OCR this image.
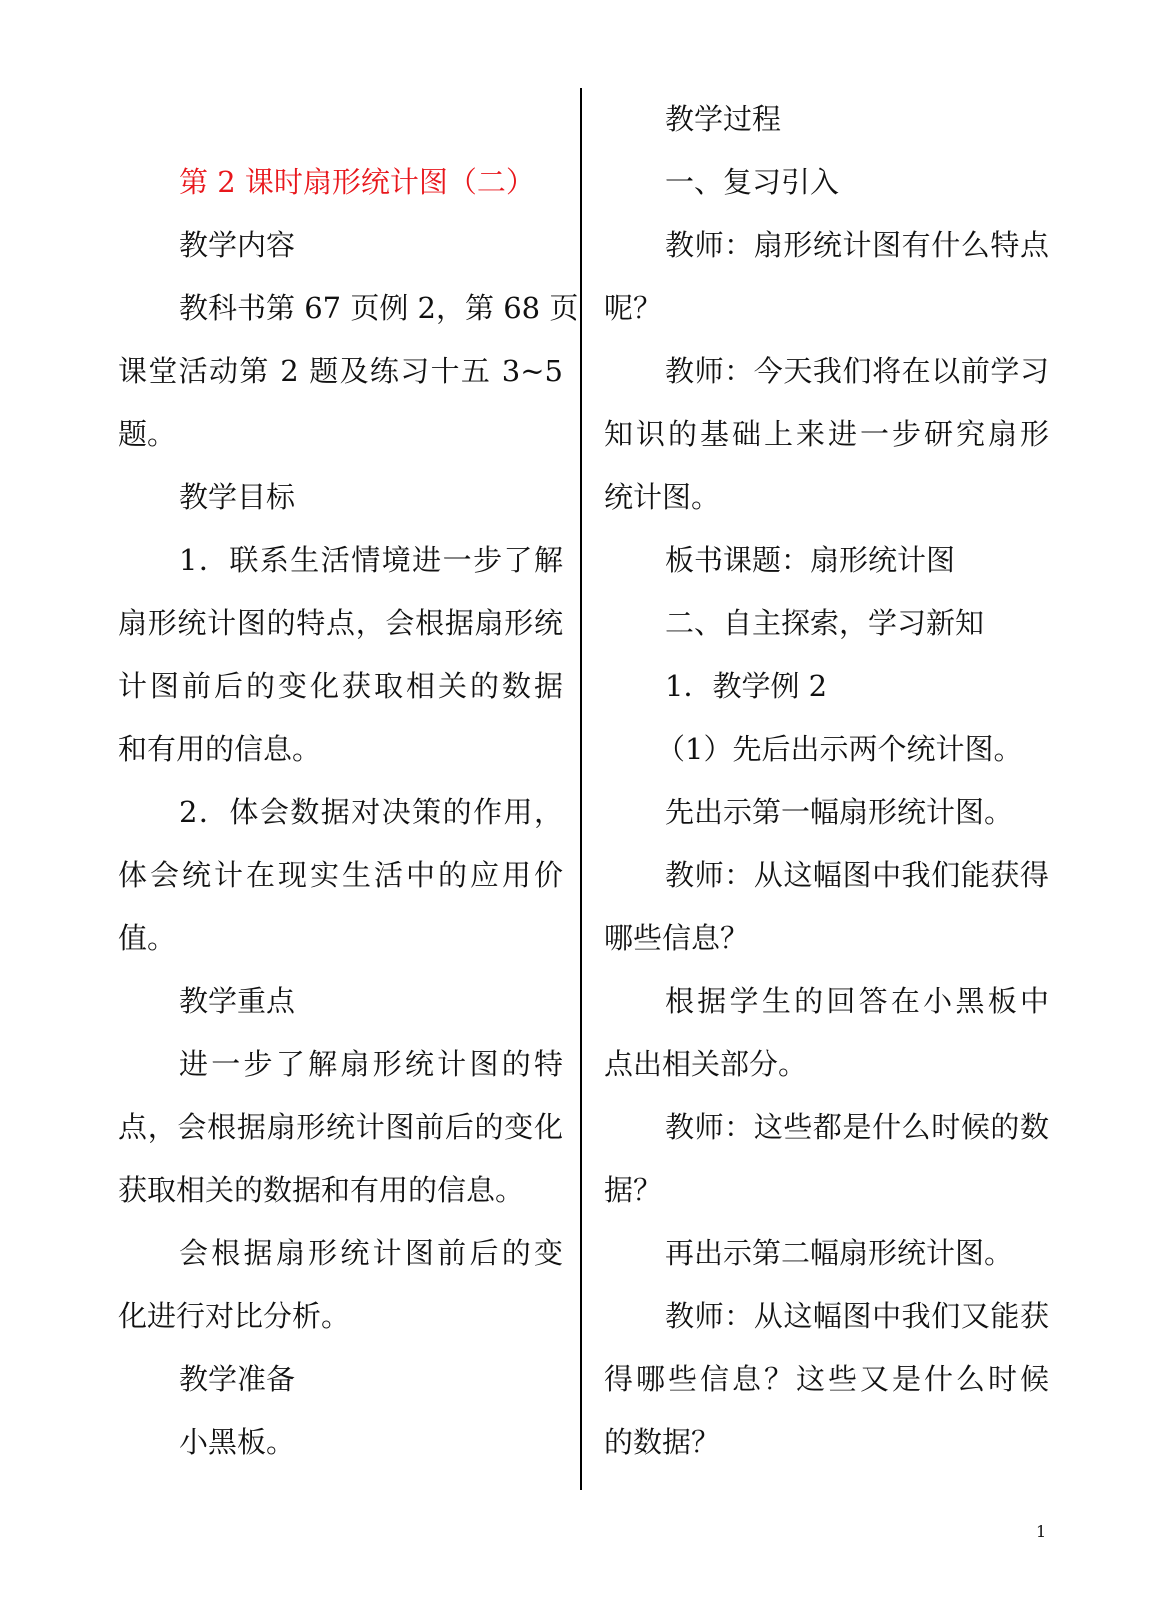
第 2 课时扇形统计图（二）

教学内容

教科书第 67 页例 2，第 68 页

课堂活动第 2 题及练习十五 3~5

题。

教学目标

1．联系生活情境进一步了解

扇形统计图的特点，会根据扇形统

计图前后的变化获取相关的数据

和有用的信息。

2．体会数据对决策的作用，

体会统计在现实生活中的应用价

值。

教学重点

进一步了解扇形统计图的特

点，会根据扇形统计图前后的变化

获取相关的数据和有用的信息。

会根据扇形统计图前后的变

化进行对比分析。

教学准备

小黑板。

教学过程

一、复习引入

教师：扇形统计图有什么特点

呢？

教师：今天我们将在以前学习

知识的基础上来进一步研究扇形

统计图。

板书课题：扇形统计图

二、自主探索，学习新知

1．教学例 2

（1）先后出示两个统计图。

先出示第一幅扇形统计图。

教师：从这幅图中我们能获得

哪些信息？

根据学生的回答在小黑板中

点出相关部分。

教师：这些都是什么时候的数

据？

再出示第二幅扇形统计图。

教师：从这幅图中我们又能获

得哪些信息？这些又是什么时候

的数据？

1
